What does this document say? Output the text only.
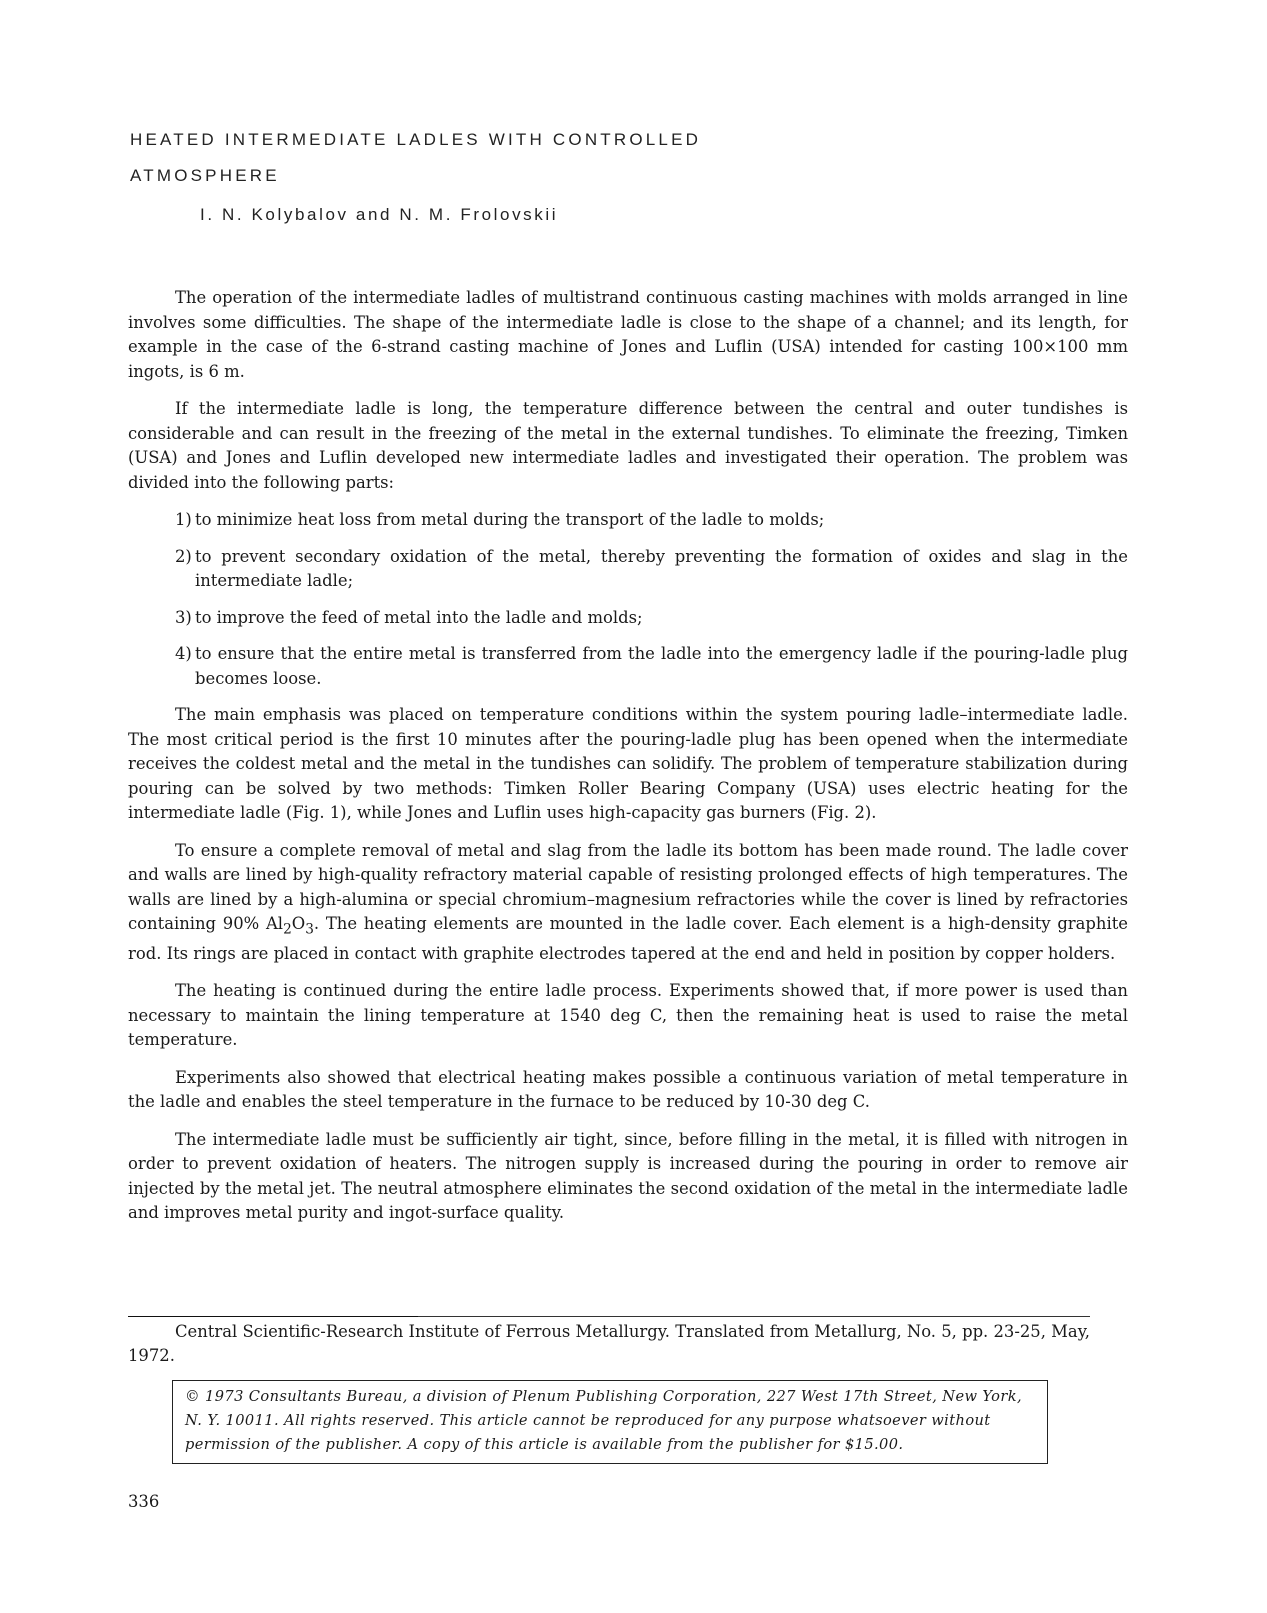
HEATED INTERMEDIATE LADLES WITH CONTROLLED
ATMOSPHERE
I. N. Kolybalov and N. M. Frolovskii

The operation of the intermediate ladles of multistrand continuous casting machines with molds arranged in line involves some difficulties. The shape of the intermediate ladle is close to the shape of a channel; and its length, for example in the case of the 6-strand casting machine of Jones and Luflin (USA) intended for casting 100×100 mm ingots, is 6 m.

If the intermediate ladle is long, the temperature difference between the central and outer tundishes is considerable and can result in the freezing of the metal in the external tundishes. To eliminate the freezing, Timken (USA) and Jones and Luflin developed new intermediate ladles and investigated their operation. The problem was divided into the following parts:

1) to minimize heat loss from metal during the transport of the ladle to molds;
2) to prevent secondary oxidation of the metal, thereby preventing the formation of oxides and slag in the intermediate ladle;
3) to improve the feed of metal into the ladle and molds;
4) to ensure that the entire metal is transferred from the ladle into the emergency ladle if the pouring-ladle plug becomes loose.

The main emphasis was placed on temperature conditions within the system pouring ladle–intermediate ladle. The most critical period is the first 10 minutes after the pouring-ladle plug has been opened when the intermediate receives the coldest metal and the metal in the tundishes can solidify. The problem of temperature stabilization during pouring can be solved by two methods: Timken Roller Bearing Company (USA) uses electric heating for the intermediate ladle (Fig. 1), while Jones and Luflin uses high-capacity gas burners (Fig. 2).

To ensure a complete removal of metal and slag from the ladle its bottom has been made round. The ladle cover and walls are lined by high-quality refractory material capable of resisting prolonged effects of high temperatures. The walls are lined by a high-alumina or special chromium–magnesium refractories while the cover is lined by refractories containing 90% $Al_2O_3$. The heating elements are mounted in the ladle cover. Each element is a high-density graphite rod. Its rings are placed in contact with graphite electrodes tapered at the end and held in position by copper holders.

The heating is continued during the entire ladle process. Experiments showed that, if more power is used than necessary to maintain the lining temperature at 1540 deg C, then the remaining heat is used to raise the metal temperature.

Experiments also showed that electrical heating makes possible a continuous variation of metal temperature in the ladle and enables the steel temperature in the furnace to be reduced by 10-30 deg C.

The intermediate ladle must be sufficiently air tight, since, before filling in the metal, it is filled with nitrogen in order to prevent oxidation of heaters. The nitrogen supply is increased during the pouring in order to remove air injected by the metal jet. The neutral atmosphere eliminates the second oxidation of the metal in the intermediate ladle and improves metal purity and ingot-surface quality.

Central Scientific-Research Institute of Ferrous Metallurgy. Translated from Metallurg, No. 5, pp. 23-25, May, 1972.
© 1973 Consultants Bureau, a division of Plenum Publishing Corporation, 227 West 17th Street, New York, N. Y. 10011. All rights reserved. This article cannot be reproduced for any purpose whatsoever without permission of the publisher. A copy of this article is available from the publisher for $15.00.
336
